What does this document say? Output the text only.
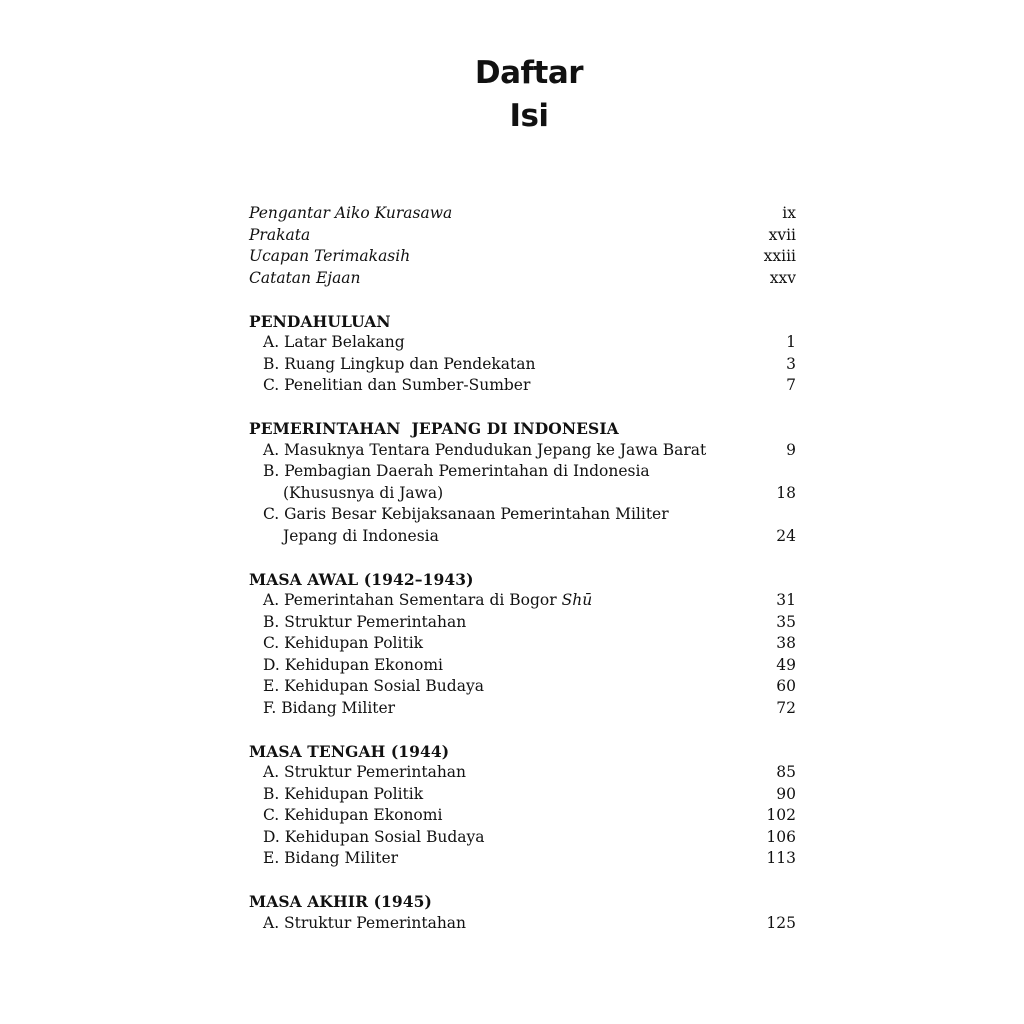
Daftar
Isi
Pengantar Aiko Kurasawa	ix
Prakata	xvii
Ucapan Terimakasih	xxiii
Catatan Ejaan	xxv
PENDAHULUAN
A. Latar Belakang	1
B. Ruang Lingkup dan Pendekatan	3
C. Penelitian dan Sumber-Sumber	7
PEMERINTAHAN  JEPANG DI INDONESIA
A. Masuknya Tentara Pendudukan Jepang ke Jawa Barat	9
B. Pembagian Daerah Pemerintahan di Indonesia
(Khususnya di Jawa)	18
C. Garis Besar Kebijaksanaan Pemerintahan Militer
Jepang di Indonesia	24
MASA AWAL (1942–1943)
A. Pemerintahan Sementara di Bogor Shū	31
B. Struktur Pemerintahan	35
C. Kehidupan Politik	38
D. Kehidupan Ekonomi	49
E. Kehidupan Sosial Budaya	60
F. Bidang Militer	72
MASA TENGAH (1944)
A. Struktur Pemerintahan	85
B. Kehidupan Politik	90
C. Kehidupan Ekonomi	102
D. Kehidupan Sosial Budaya	106
E. Bidang Militer	113
MASA AKHIR (1945)
A. Struktur Pemerintahan	125
